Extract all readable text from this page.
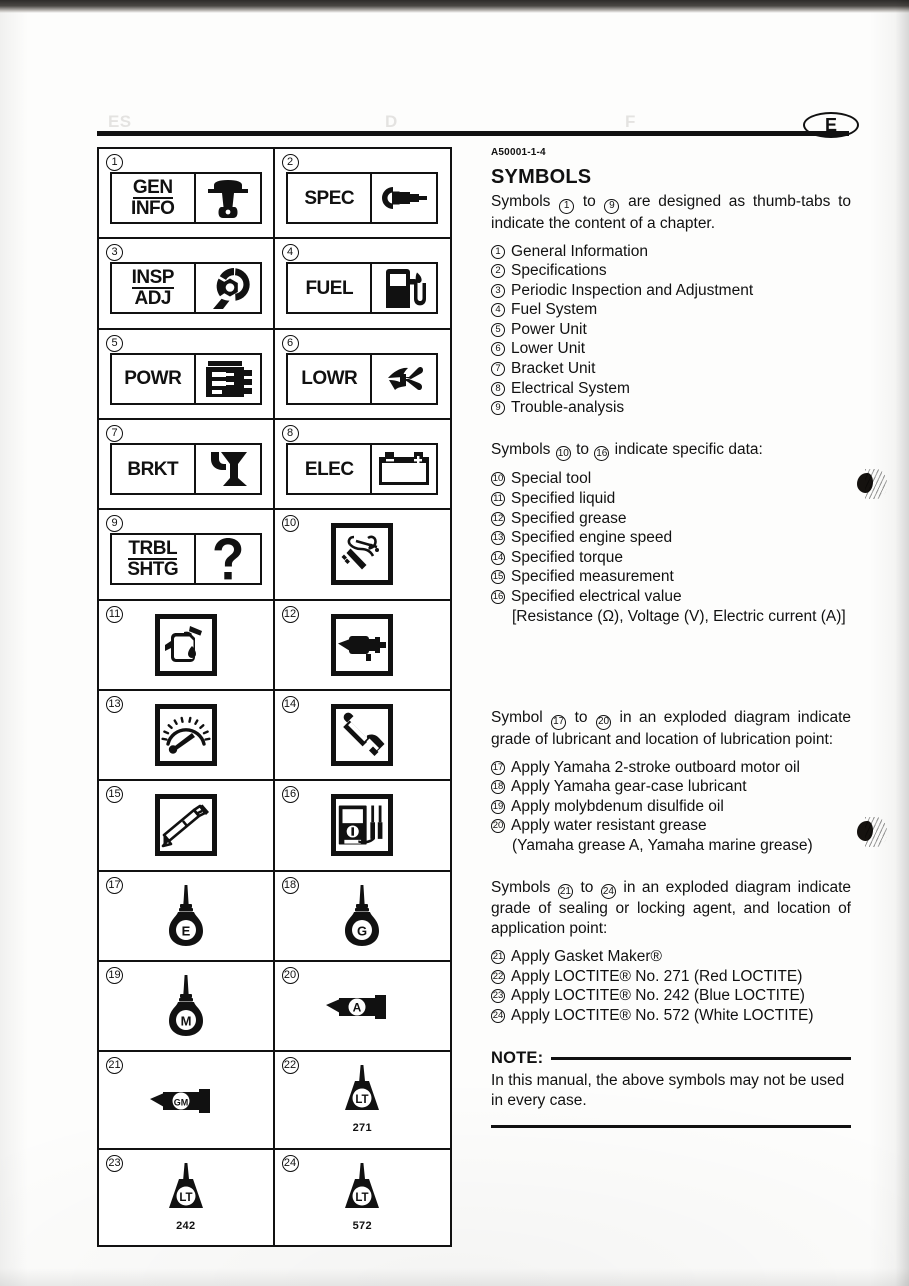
E
A50001-1-4
1
GEN
INFO
2
SPEC
3
INSP
ADJ
4
FUEL
5
POWR
6
LOWR
7
BRKT
8
ELEC
9
TRBL
SHTG
10
11	12
13	14
15	16
17
E
18
G
19
M
20
A
21
GM
22
LT
271
23
LT
242
24
LT
572
SYMBOLS

Symbols 1 to 9 are designed as thumb-tabs to indicate the content of a chapter.

1 General Information
2 Specifications
3 Periodic Inspection and Adjustment
4 Fuel System
5 Power Unit
6 Lower Unit
7 Bracket Unit
8 Electrical System
9 Trouble-analysis

Symbols 10 to 16 indicate specific data:

10 Special tool
11 Specified liquid
12 Specified grease
13 Specified engine speed
14 Specified torque
15 Specified measurement
16 Specified electrical value
[Resistance (Ω), Voltage (V), Electric current (A)]

Symbol 17 to 20 in an exploded diagram indicate grade of lubricant and location of lubrication point:

17 Apply Yamaha 2-stroke outboard motor oil
18 Apply Yamaha gear-case lubricant
19 Apply molybdenum disulfide oil
20 Apply water resistant grease
(Yamaha grease A, Yamaha marine grease)

Symbols 21 to 24 in an exploded diagram indicate grade of sealing or locking agent, and location of application point:

21 Apply Gasket Maker®
22 Apply LOCTITE® No. 271 (Red LOCTITE)
23 Apply LOCTITE® No. 242 (Blue LOCTITE)
24 Apply LOCTITE® No. 572 (White LOCTITE)
NOTE:
In this manual, the above symbols may not be used in every case.
